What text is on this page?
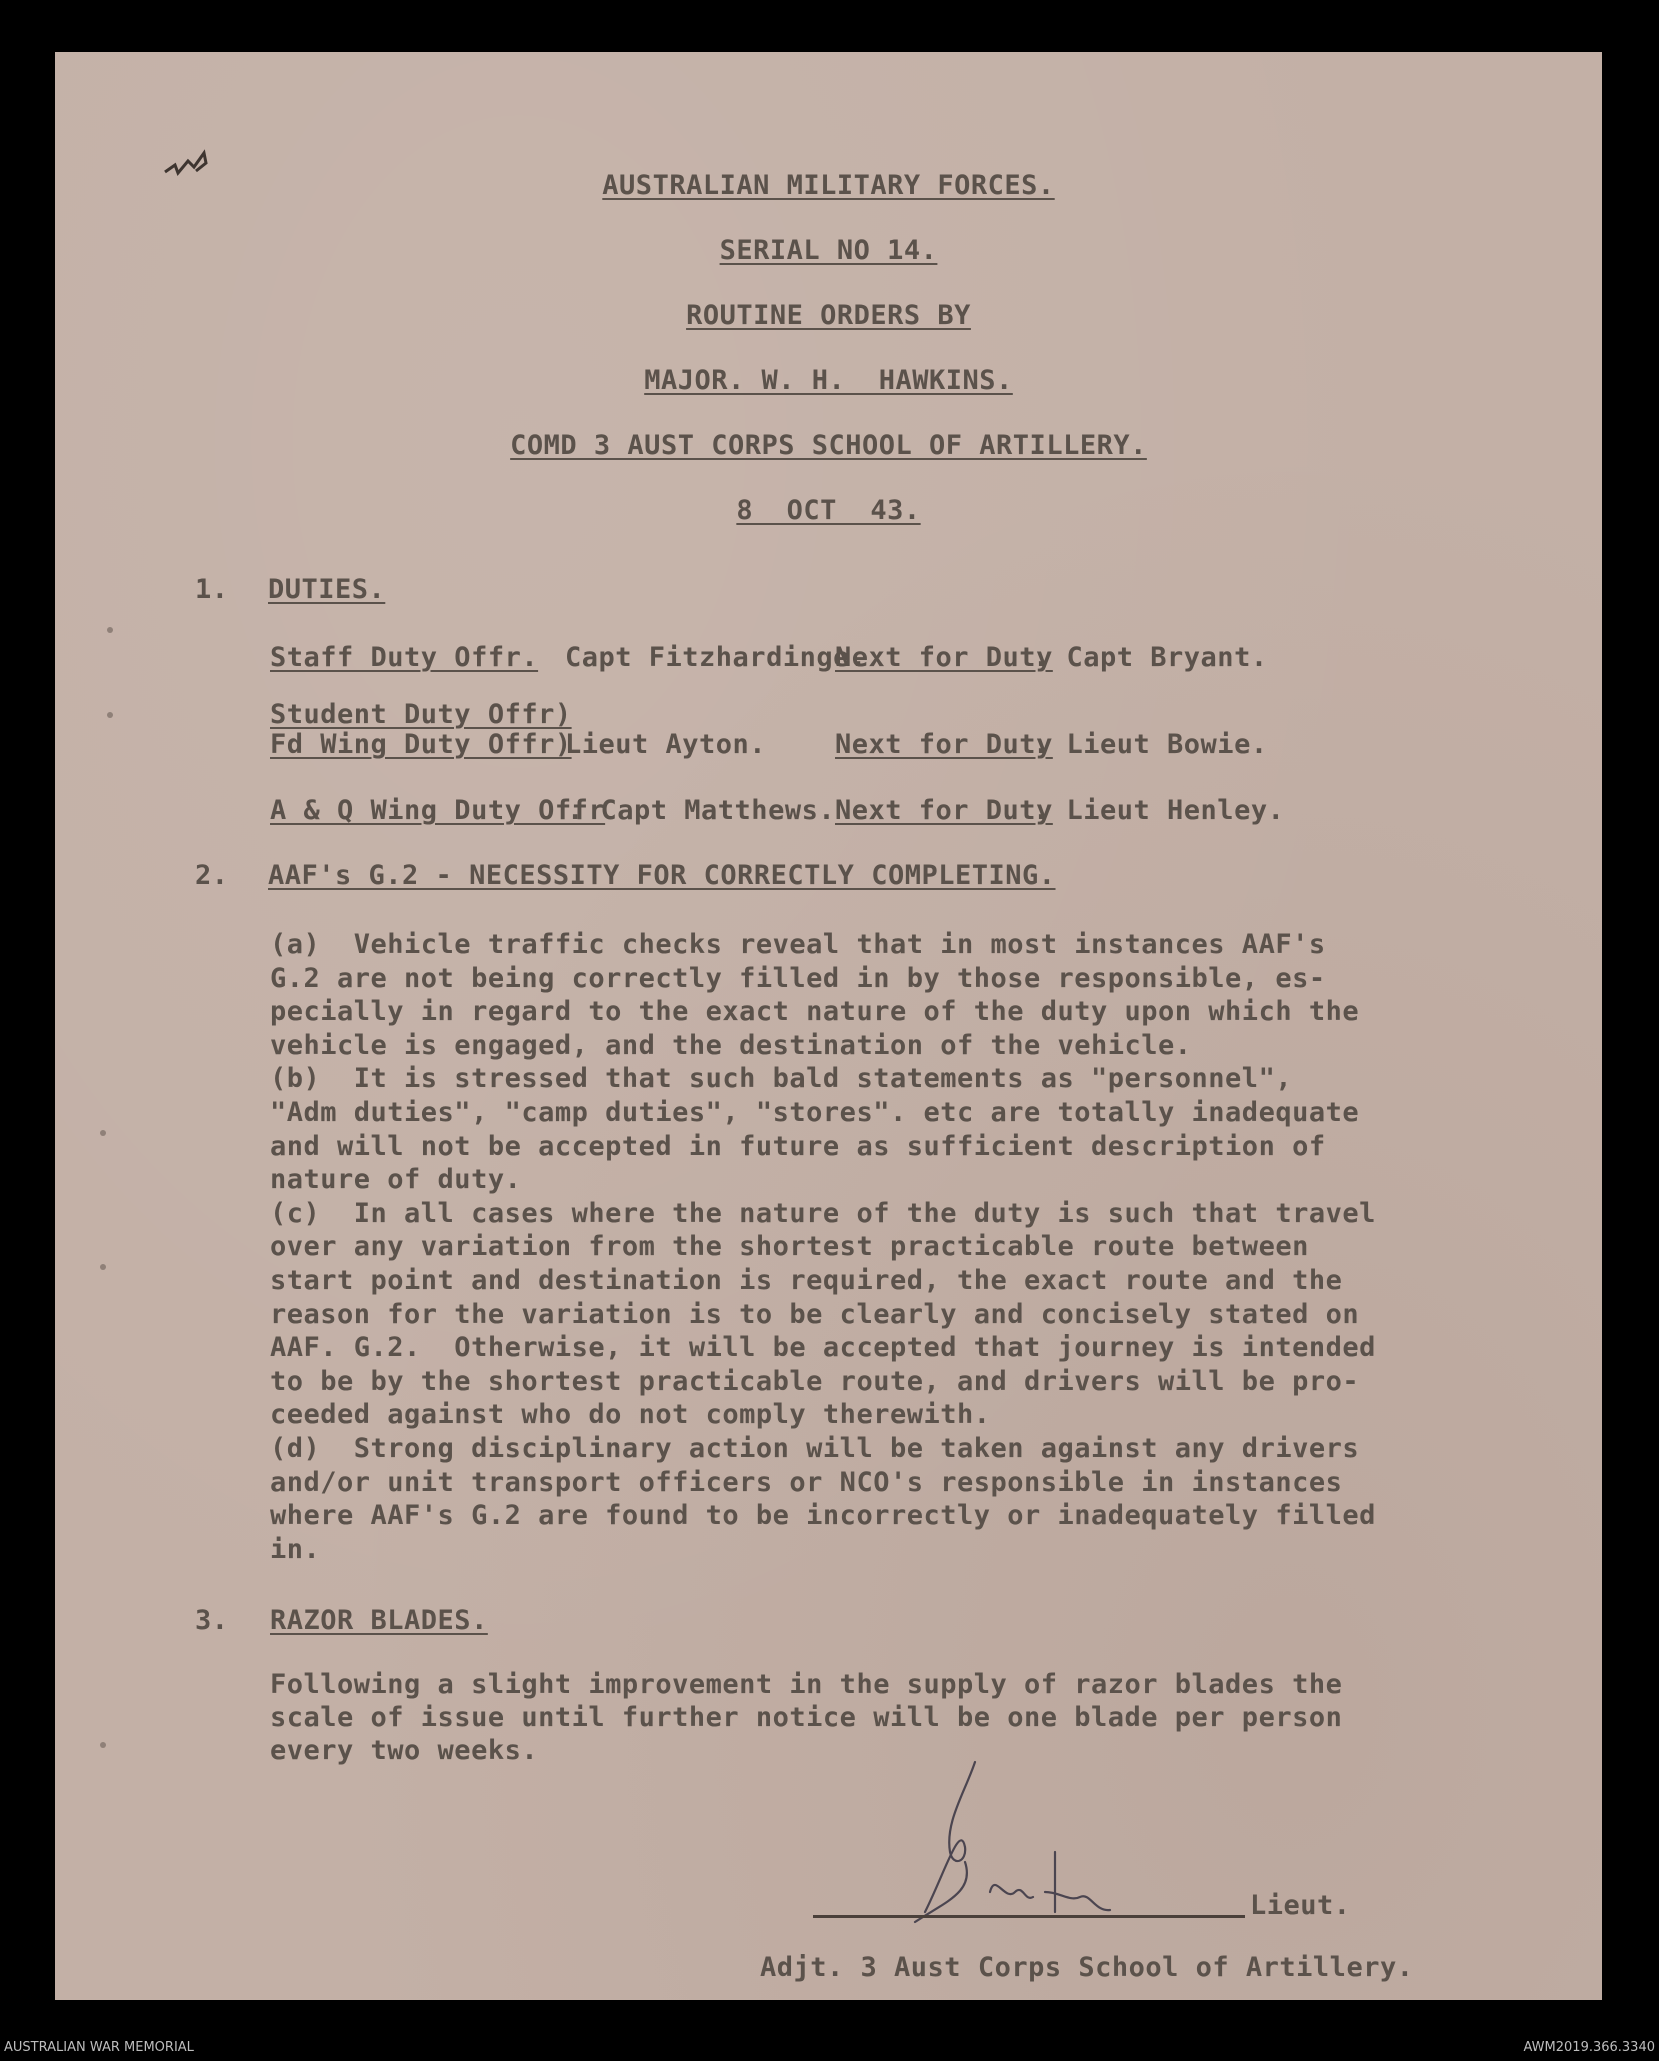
AUSTRALIAN MILITARY FORCES.
SERIAL NO 14.
ROUTINE ORDERS BY
MAJOR. W. H.  HAWKINS.
COMD 3 AUST CORPS SCHOOL OF ARTILLERY.
8  OCT  43.
1. DUTIES.
Staff Duty Offr. Capt Fitzhardinge.
Next for Duty
. Capt Bryant.
Student Duty Offr)
Fd Wing Duty Offr)
Lieut Ayton.	Next for Duty
. Lieut Bowie.
A & Q Wing Duty Offr
. Capt Matthews. Next for Duty
. Lieut Henley.
2. AAF's G.2 - NECESSITY FOR CORRECTLY COMPLETING.
(a)  Vehicle traffic checks reveal that in most instances AAF's
G.2 are not being correctly filled in by those responsible, es-
pecially in regard to the exact nature of the duty upon which the
vehicle is engaged, and the destination of the vehicle.
(b)  It is stressed that such bald statements as "personnel",
"Adm duties", "camp duties", "stores". etc are totally inadequate
and will not be accepted in future as sufficient description of
nature of duty.
(c)  In all cases where the nature of the duty is such that travel
over any variation from the shortest practicable route between
start point and destination is required, the exact route and the
reason for the variation is to be clearly and concisely stated on
AAF. G.2.  Otherwise, it will be accepted that journey is intended
to be by the shortest practicable route, and drivers will be pro-
ceeded against who do not comply therewith.
(d)  Strong disciplinary action will be taken against any drivers
and/or unit transport officers or NCO's responsible in instances
where AAF's G.2 are found to be incorrectly or inadequately filled
in.
3. RAZOR BLADES.
Following a slight improvement in the supply of razor blades the
scale of issue until further notice will be one blade per person
every two weeks.
Lieut.
Adjt. 3 Aust Corps School of Artillery.
AUSTRALIAN WAR MEMORIAL	AWM2019.366.3340
